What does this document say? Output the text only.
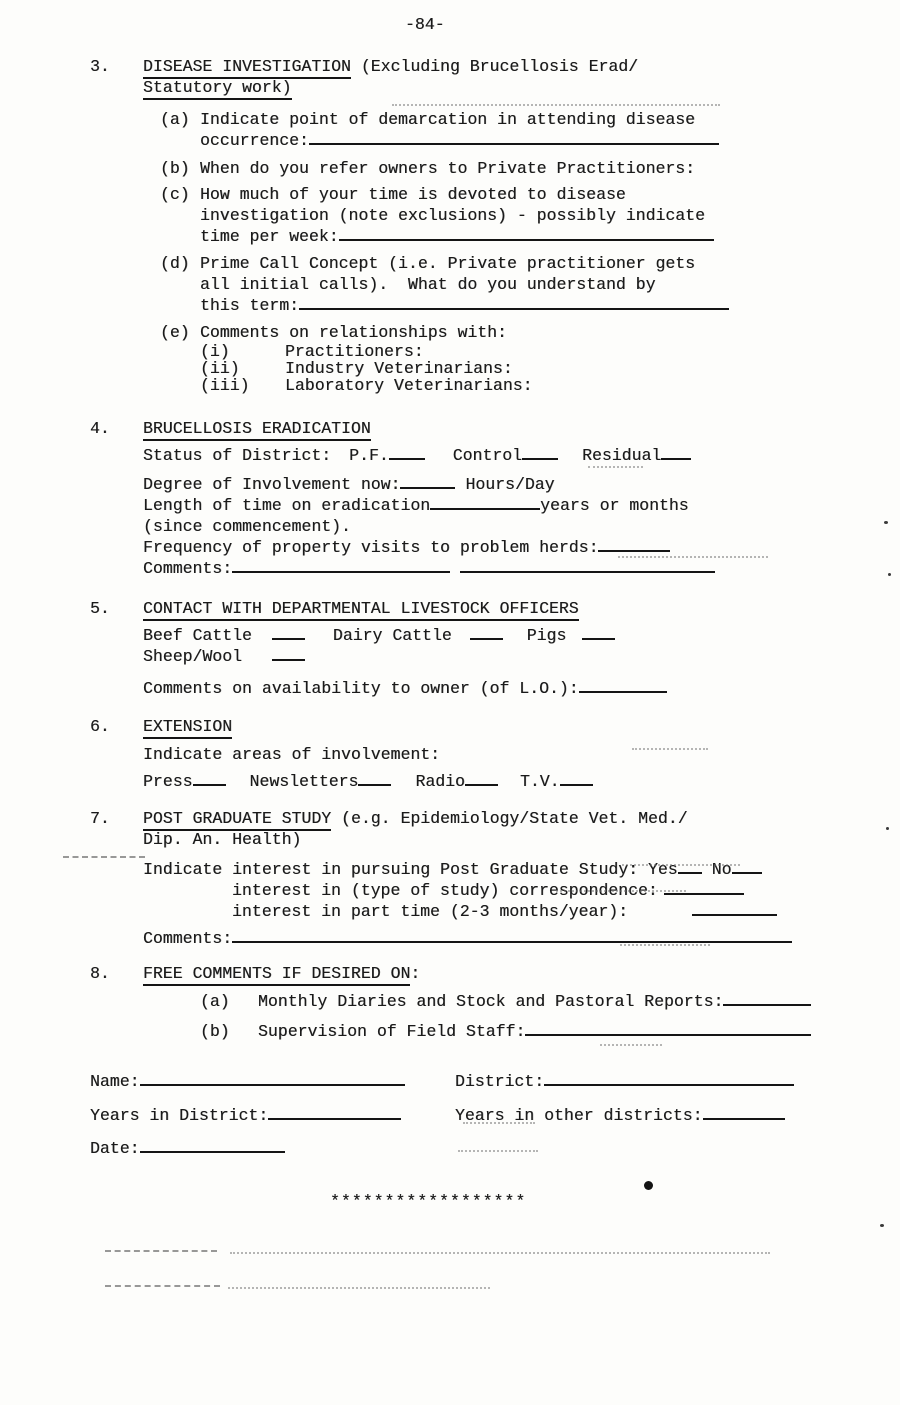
-84-
3.	DISEASE INVESTIGATION (Excluding Brucellosis Erad/
Statutory work)
(a) Indicate point of demarcation in attending disease
occurrence:
(b) When do you refer owners to Private Practitioners:
(c) How much of your time is devoted to disease
investigation (note exclusions) - possibly indicate
time per week:
(d) Prime Call Concept (i.e. Private practitioner gets
all initial calls).  What do you understand by
this term:
(e) Comments on relationships with:
(i)	Practitioners:
(ii)	Industry Veterinarians:
(iii)	Laboratory Veterinarians:
4.	BRUCELLOSIS ERADICATION
Status of District: P.F.	Control	Residual
Degree of Involvement now:	Hours/Day
Length of time on eradication	years or months
(since commencement).
Frequency of property visits to problem herds:
Comments:
5.	CONTACT WITH DEPARTMENTAL LIVESTOCK OFFICERS
Beef Cattle	Dairy Cattle	Pigs
Sheep/Wool
Comments on availability to owner (of L.O.):
6.	EXTENSION
Indicate areas of involvement:
Press	Newsletters	Radio	T.V.
7.	POST GRADUATE STUDY (e.g. Epidemiology/State Vet. Med./
Dip. An. Health)
Indicate interest in pursuing Post Graduate Study: Yes No
interest in (type of study) correspondence:
interest in part time (2-3 months/year):
Comments:
8.	FREE COMMENTS IF DESIRED ON:
(a)	Monthly Diaries and Stock and Pastoral Reports:
(b)	Supervision of Field Staff:
Name:	District:
Years in District:	Years in other districts:
Date:
******************
